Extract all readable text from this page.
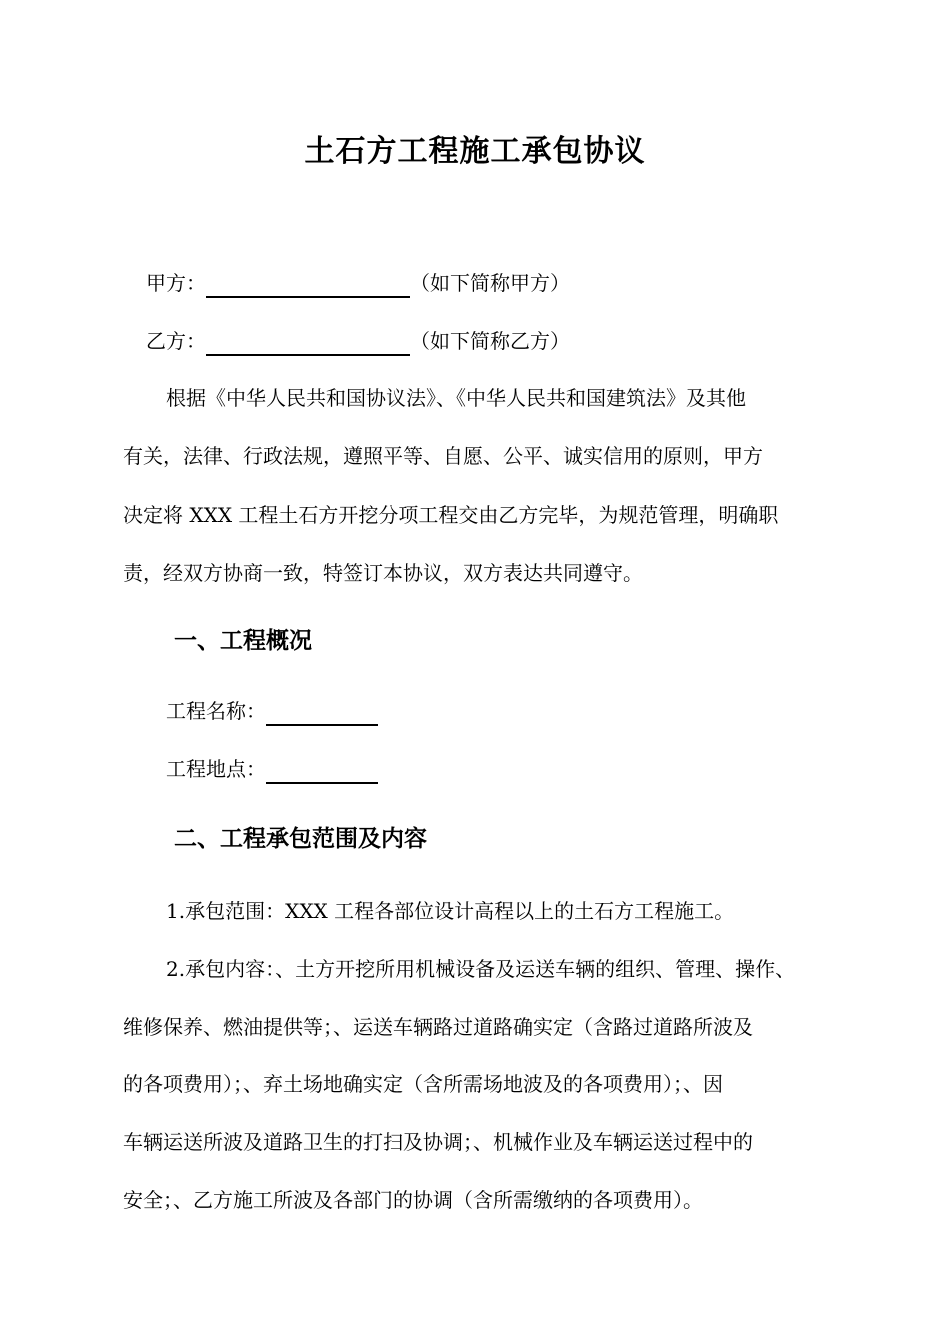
土石方工程施工承包协议
甲方：	（如下简称甲方）
乙方：	（如下简称乙方）
根据《中华人民共和国协议法》、《中华人民共和国建筑法》及其他
有关，法律、行政法规，遵照平等、自愿、公平、诚实信用的原则，甲方
决定将 XXX 工程土石方开挖分项工程交由乙方完毕，为规范管理，明确职
责，经双方协商一致，特签订本协议，双方表达共同遵守。
一、工程概况
工程名称：
工程地点：
二、工程承包范围及内容
1.承包范围：XXX 工程各部位设计高程以上的土石方工程施工。
2.承包内容：、土方开挖所用机械设备及运送车辆的组织、管理、操作、
维修保养、燃油提供等；、运送车辆路过道路确实定（含路过道路所波及
的各项费用）；、弃土场地确实定（含所需场地波及的各项费用）；、因
车辆运送所波及道路卫生的打扫及协调；、机械作业及车辆运送过程中的
安全；、乙方施工所波及各部门的协调（含所需缴纳的各项费用）。
